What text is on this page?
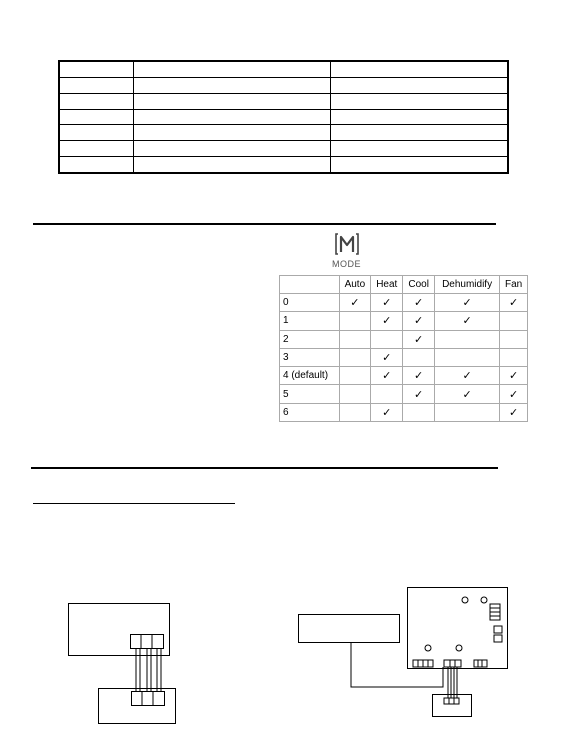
MODE
	Auto	Heat	Cool	Dehumidify	Fan
0	✓	✓	✓	✓	✓
1		✓	✓	✓	
2			✓		
3		✓			
4 (default)		✓	✓	✓	✓
5			✓	✓	✓
6		✓			✓
